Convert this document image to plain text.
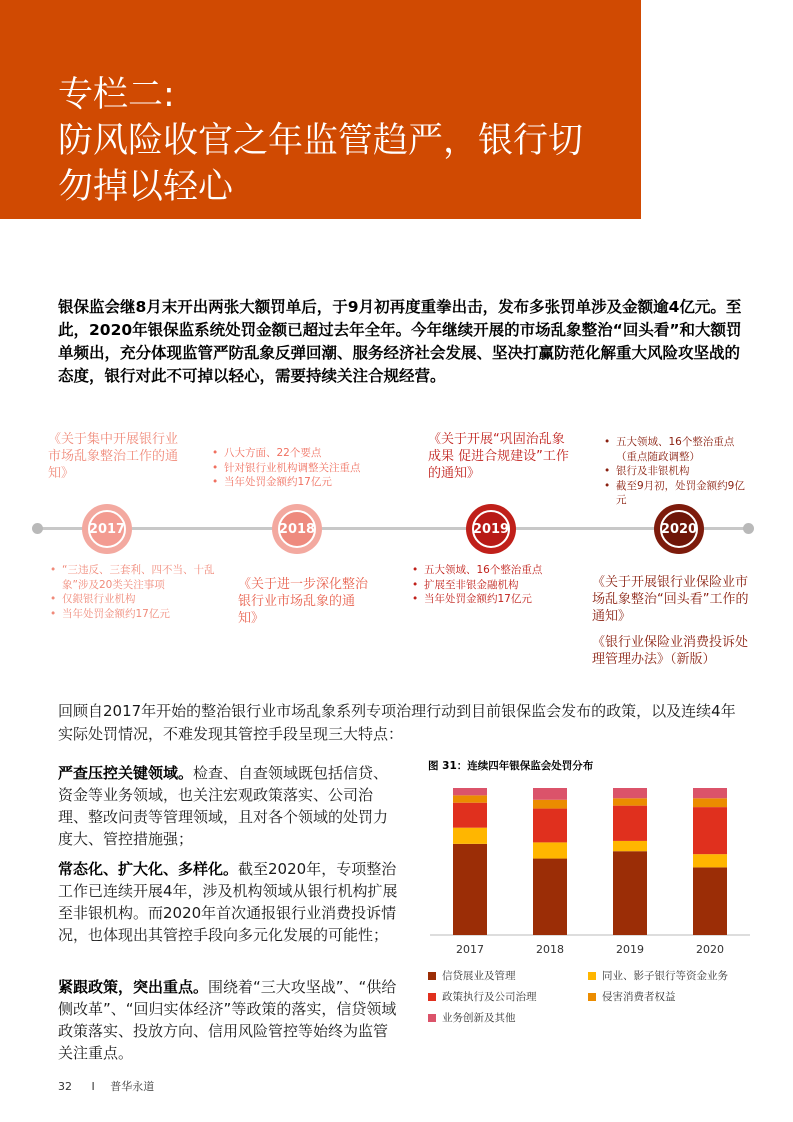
专栏二:
防风险收官之年监管趋严，银行切
勿掉以轻心

银保监会继8月末开出两张大额罚单后，于9月初再度重拳出击，发布多张罚单涉及金额逾4亿元。至此，2020年银保监系统处罚金额已超过去年全年。今年继续开展的市场乱象整治“回头看”和大额罚单频出，充分体现监管严防乱象反弹回潮、服务经济社会发展、坚决打赢防范化解重大风险攻坚战的态度，银行对此不可掉以轻心，需要持续关注合规经营。

2017	2018	2019	2020
《关于集中开展银行业市场乱象整治工作的通知》
• “三违反、三套利、四不当、十乱象”涉及20类关注事项
• 仅銀银行业机构
• 当年处罚金额约17亿元
• 八大方面、22个要点
• 针对银行业机构调整关注重点
• 当年处罚金额约17亿元
《关于进一步深化整治银行业市场乱象的通知》
《关于开展“巩固治乱象成果 促进合规建设”工作的通知》
• 五大领域、16个整治重点
• 扩展至非银金融机构
• 当年处罚金额约17亿元
• 五大领域、16个整治重点（重点随政调整）
• 银行及非银机构
• 截至9月初，处罚金额约9亿元
《关于开展银行业保险业市场乱象整治“回头看”工作的通知》
《银行业保险业消费投诉处理管理办法》（新版）

回顾自2017年开始的整治银行业市场乱象系列专项治理行动到目前银保监会发布的政策，以及连续4年实际处罚情况，不难发现其管控手段呈现三大特点：

严查压控关键领域。检查、自查领域既包括信贷、资金等业务领域，也关注宏观政策落实、公司治理、整改问责等管理领域，且对各个领域的处罚力度大、管控措施强；

常态化、扩大化、多样化。截至2020年，专项整治工作已连续开展4年，涉及机构领域从银行机构扩展至非银机构。而2020年首次通报银行业消费投诉情况，也体现出其管控手段向多元化发展的可能性；

紧跟政策，突出重点。围绕着“三大攻坚战”、“供给侧改革”、“回归实体经济”等政策的落实，信贷领域政策落实、投放方向、信用风险管控等始终为监管关注重点。

图 31：连续四年银保监会处罚分布
2017	2018	2019	2020
信贷展业及管理	同业、影子银行等资金业务
政策执行及公司治理	侵害消费者权益
业务创新及其他
32 I 普华永道
